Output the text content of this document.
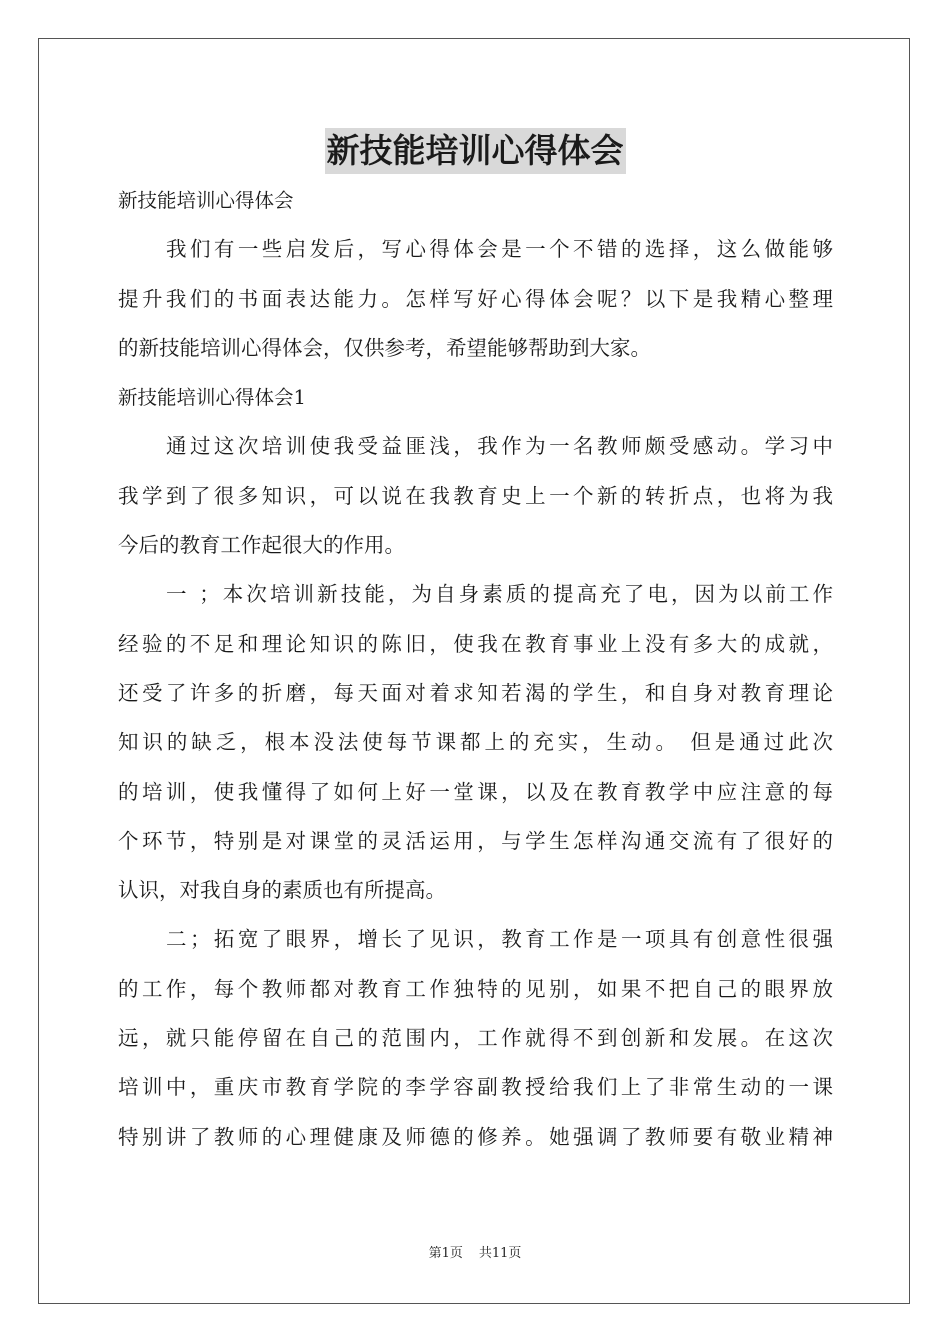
新技能培训心得体会
新技能培训心得体会
我们有一些启发后，写心得体会是一个不错的选择，这么做能够
提升我们的书面表达能力。怎样写好心得体会呢？以下是我精心整理
的新技能培训心得体会，仅供参考，希望能够帮助到大家。
新技能培训心得体会1
通过这次培训使我受益匪浅，我作为一名教师颇受感动。学习中
我学到了很多知识，可以说在我教育史上一个新的转折点，也将为我
今后的教育工作起很大的作用。
一 ；本次培训新技能，为自身素质的提高充了电，因为以前工作
经验的不足和理论知识的陈旧，使我在教育事业上没有多大的成就，
还受了许多的折磨，每天面对着求知若渴的学生，和自身对教育理论
知识的缺乏，根本没法使每节课都上的充实，生动。 但是通过此次
的培训，使我懂得了如何上好一堂课，以及在教育教学中应注意的每
个环节，特别是对课堂的灵活运用，与学生怎样沟通交流有了很好的
认识，对我自身的素质也有所提高。
二；拓宽了眼界，增长了见识，教育工作是一项具有创意性很强
的工作，每个教师都对教育工作独特的见别，如果不把自己的眼界放
远，就只能停留在自己的范围内，工作就得不到创新和发展。在这次
培训中，重庆市教育学院的李学容副教授给我们上了非常生动的一课
特别讲了教师的心理健康及师德的修养。她强调了教师要有敬业精神
第1页 共11页
